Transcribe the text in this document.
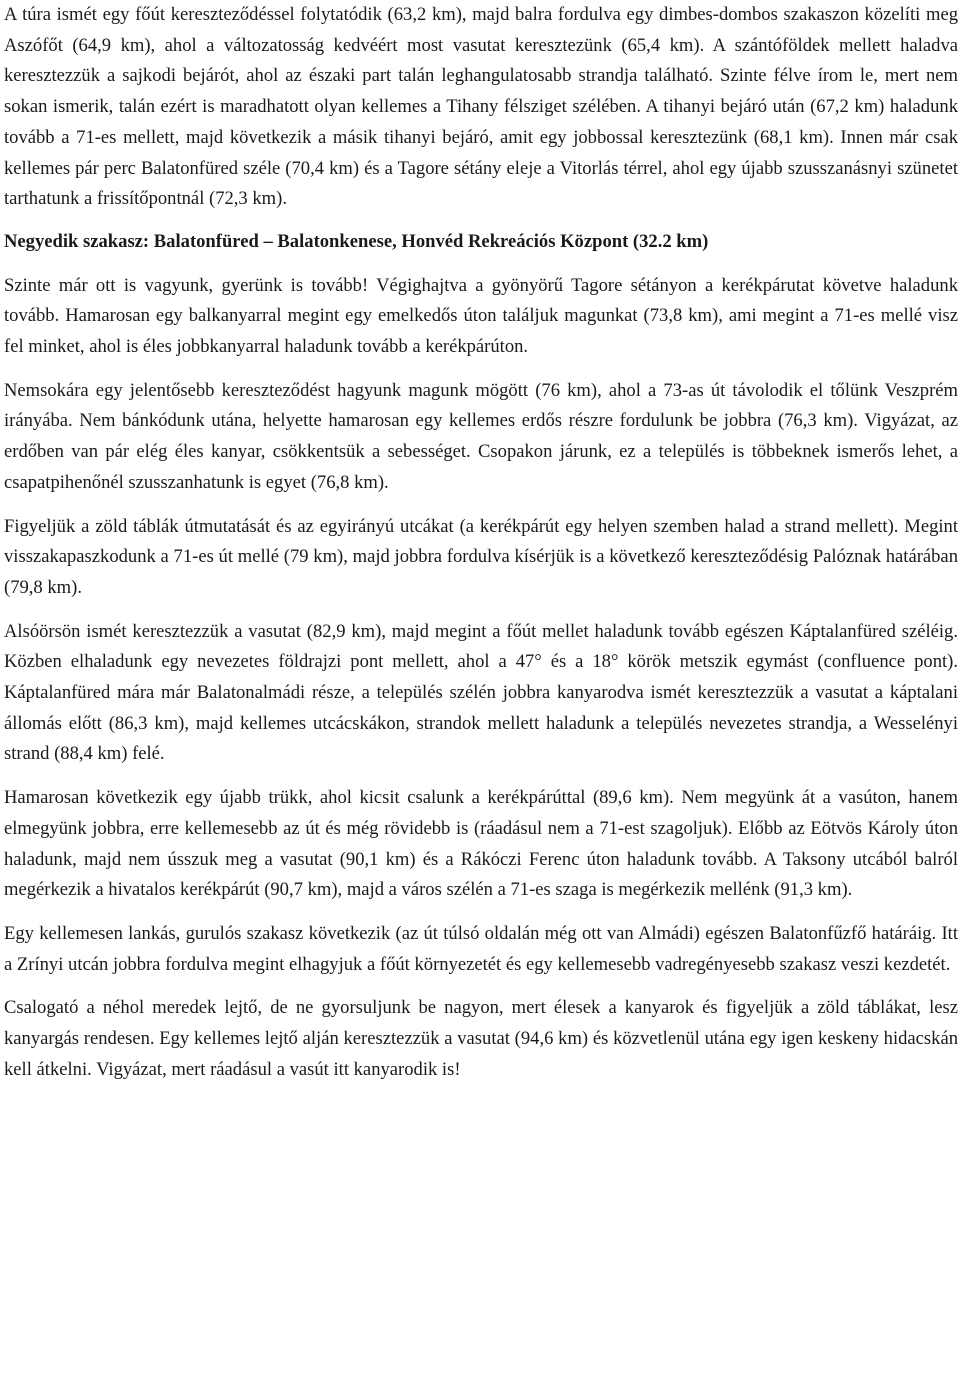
A túra ismét egy főút kereszteződéssel folytatódik (63,2 km), majd balra fordulva egy dimbes-dombos szakaszon közelíti meg Aszófőt (64,9 km), ahol a változatosság kedvéért most vasutat keresztezünk (65,4 km). A szántóföldek mellett haladva keresztezzük a sajkodi bejárót, ahol az északi part talán leghangulatosabb strandja található. Szinte félve írom le, mert nem sokan ismerik, talán ezért is maradhatott olyan kellemes a Tihany félsziget szélében. A tihanyi bejáró után (67,2 km) haladunk tovább a 71-es mellett, majd következik a másik tihanyi bejáró, amit egy jobbossal keresztezünk (68,1 km). Innen már csak kellemes pár perc Balatonfüred széle (70,4 km) és a Tagore sétány eleje a Vitorlás térrel, ahol egy újabb szusszanásnyi szünetet tarthatunk a frissítőpontnál (72,3 km).

Negyedik szakasz: Balatonfüred – Balatonkenese, Honvéd Rekreációs Központ (32.2 km)

Szinte már ott is vagyunk, gyerünk is tovább! Végighajtva a gyönyörű Tagore sétányon a kerékpárutat követve haladunk tovább. Hamarosan egy balkanyarral megint egy emelkedős úton találjuk magunkat (73,8 km), ami megint a 71-es mellé visz fel minket, ahol is éles jobbkanyarral haladunk tovább a kerékpárúton.

Nemsokára egy jelentősebb kereszteződést hagyunk magunk mögött (76 km), ahol a 73-as út távolodik el tőlünk Veszprém irányába. Nem bánkódunk utána, helyette hamarosan egy kellemes erdős részre fordulunk be jobbra (76,3 km). Vigyázat, az erdőben van pár elég éles kanyar, csökkentsük a sebességet. Csopakon járunk, ez a település is többeknek ismerős lehet, a csapatpihenőnél szusszanhatunk is egyet (76,8 km).

Figyeljük a zöld táblák útmutatását és az egyirányú utcákat (a kerékpárút egy helyen szemben halad a strand mellett). Megint visszakapaszkodunk a 71-es út mellé (79 km), majd jobbra fordulva kísérjük is a következő kereszteződésig Palóznak határában (79,8 km).

Alsóörsön ismét keresztezzük a vasutat (82,9 km), majd megint a főút mellet haladunk tovább egészen Káptalanfüred széléig. Közben elhaladunk egy nevezetes földrajzi pont mellett, ahol a 47° és a 18° körök metszik egymást (confluence pont). Káptalanfüred mára már Balatonalmádi része, a település szélén jobbra kanyarodva ismét keresztezzük a vasutat a káptalani állomás előtt (86,3 km), majd kellemes utcácskákon, strandok mellett haladunk a település nevezetes strandja, a Wesselényi strand (88,4 km) felé.

Hamarosan következik egy újabb trükk, ahol kicsit csalunk a kerékpárúttal (89,6 km). Nem megyünk át a vasúton, hanem elmegyünk jobbra, erre kellemesebb az út és még rövidebb is (ráadásul nem a 71-est szagoljuk). Előbb az Eötvös Károly úton haladunk, majd nem ússzuk meg a vasutat (90,1 km) és a Rákóczi Ferenc úton haladunk tovább. A Taksony utcából balról megérkezik a hivatalos kerékpárút (90,7 km), majd a város szélén a 71-es szaga is megérkezik mellénk (91,3 km).

Egy kellemesen lankás, gurulós szakasz következik (az út túlsó oldalán még ott van Almádi) egészen Balatonfűzfő határáig. Itt a Zrínyi utcán jobbra fordulva megint elhagyjuk a főút környezetét és egy kellemesebb vadregényesebb szakasz veszi kezdetét.

Csalogató a néhol meredek lejtő, de ne gyorsuljunk be nagyon, mert élesek a kanyarok és figyeljük a zöld táblákat, lesz kanyargás rendesen. Egy kellemes lejtő alján keresztezzük a vasutat (94,6 km) és közvetlenül utána egy igen keskeny hidacskán kell átkelni. Vigyázat, mert ráadásul a vasút itt kanyarodik is!
